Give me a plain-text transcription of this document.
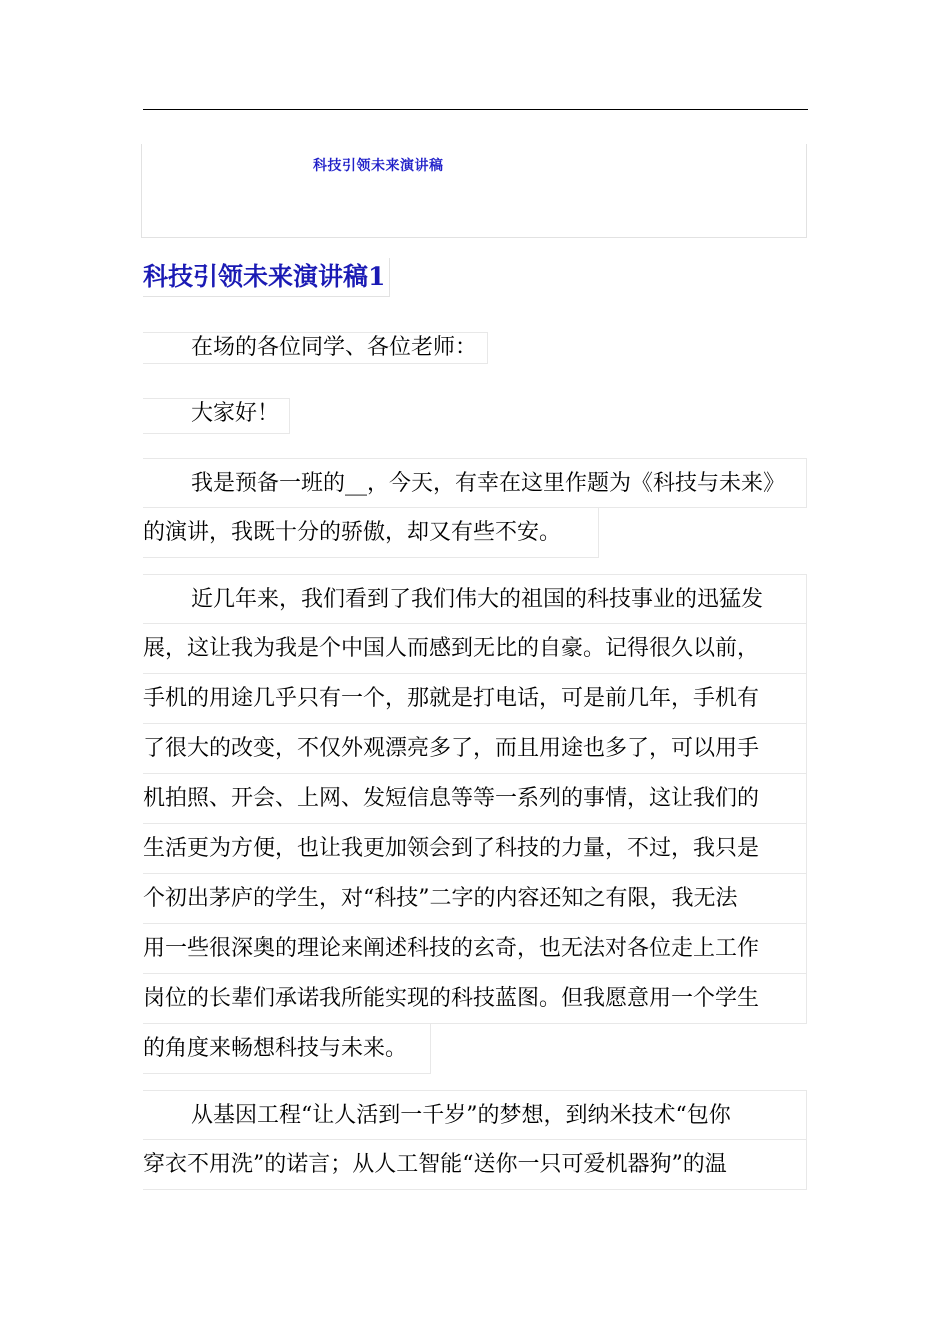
科技引领未来演讲稿
科技引领未来演讲稿1
在场的各位同学、各位老师：
大家好！
我是预备一班的__，今天，有幸在这里作题为《科技与未来》
的演讲，我既十分的骄傲，却又有些不安。
近几年来，我们看到了我们伟大的祖国的科技事业的迅猛发
展，这让我为我是个中国人而感到无比的自豪。记得很久以前，
手机的用途几乎只有一个，那就是打电话，可是前几年，手机有
了很大的改变，不仅外观漂亮多了，而且用途也多了，可以用手
机拍照、开会、上网、发短信息等等一系列的事情，这让我们的
生活更为方便，也让我更加领会到了科技的力量，不过，我只是
个初出茅庐的学生，对“科技”二字的内容还知之有限，我无法
用一些很深奥的理论来阐述科技的玄奇，也无法对各位走上工作
岗位的长辈们承诺我所能实现的科技蓝图。但我愿意用一个学生
的角度来畅想科技与未来。
从基因工程“让人活到一千岁”的梦想，到纳米技术“包你
穿衣不用洗”的诺言；从人工智能“送你一只可爱机器狗”的温
